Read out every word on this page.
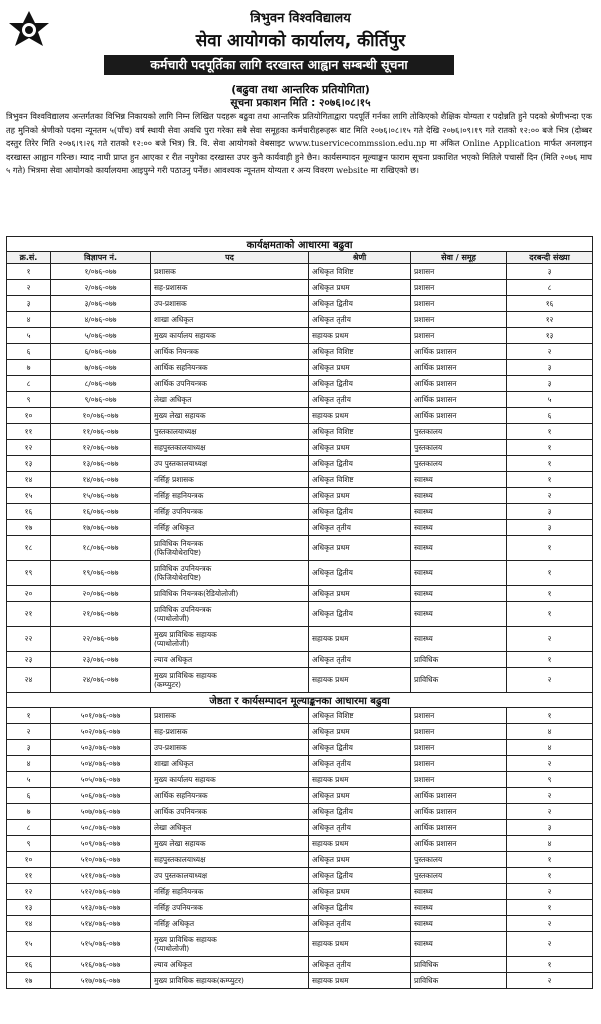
त्रिभुवन विश्वविद्यालय
सेवा आयोगको कार्यालय, कीर्तिपुर
कर्मचारी पदपूर्तिका लागि दरखास्त आह्वान सम्बन्धी सूचना
(बढुवा तथा आन्तरिक प्रतियोगिता)
सूचना प्रकाशन मिति : २०७६।०८।१५
त्रिभुवन विश्वविद्यालय अन्तर्गतका विभिन्न निकायको लागि निम्न लिखित पदहरू बढुवा तथा आन्तरिक प्रतियोगिताद्वारा पदपूर्ति गर्नका लागि तोकिएको शैक्षिक योग्यता र पदोन्नति हुने पदको श्रेणीभन्दा एक तह मुनिको श्रेणीको पदमा न्यूनतम ५(पाँच) वर्ष स्थायी सेवा अवधि पुरा गरेका सबै सेवा समूहका कर्मचारीहरूहरू बाट मिति २०७६।०८।१५ गते देखि २०७६।०९।१९ गते रातको १२:०० बजे भित्र (दोब्बर दस्तुर तिरेर मिति २०७६।९।२६ गते रातको १२:०० बजे भित्र) त्रि. वि. सेवा आयोगको वेबसाइट www.tuservicecommssion.edu.np मा अंकित Online Application मार्फत अनलाइन दरखास्त आह्वान गरिन्छ। म्याद नाघी प्राप्त हुन आएका र रीत नपुगेका दरखास्त उपर कुनै कार्यवाही हुने छैन। कार्यसम्पादन मूल्याङ्कन फाराम सूचना प्रकाशित भएको मितिले पचासौं दिन (मिति २०७६ माघ ५ गते) भित्रमा सेवा आयोगको कार्यालयमा आइपुग्ने गरी पठाउनु पर्नेछ। आवश्यक न्यूनतम योग्यता र अन्य विवरण website मा राखिएको छ।
कार्यक्षमताको आधारमा बढुवा					
क्र.सं.	विज्ञापन नं.	पद	श्रेणी	सेवा / समूह	दरबन्दी संख्या
१	१/०७६-०७७	प्रशासक	अधिकृत विशिष्ट	प्रशासन	३
२	२/०७६-०७७	सह-प्रशासक	अधिकृत प्रथम	प्रशासन	८
३	३/०७६-०७७	उप-प्रशासक	अधिकृत द्वितीय	प्रशासन	१६
४	४/०७६-०७७	शाखा अधिकृत	अधिकृत तृतीय	प्रशासन	१२
५	५/०७६-०७७	मुख्य कार्यालय सहायक	सहायक प्रथम	प्रशासन	१३
६	६/०७६-०७७	आर्थिक नियन्त्रक	अधिकृत विशिष्ट	आर्थिक प्रशासन	२
७	७/०७६-०७७	आर्थिक सहनियन्त्रक	अधिकृत प्रथम	आर्थिक प्रशासन	३
८	८/०७६-०७७	आर्थिक उपनियन्त्रक	अधिकृत द्वितीय	आर्थिक प्रशासन	३
९	९/०७६-०७७	लेखा अधिकृत	अधिकृत तृतीय	आर्थिक प्रशासन	५
१०	१०/०७६-०७७	मुख्य लेखा सहायक	सहायक प्रथम	आर्थिक प्रशासन	६
११	११/०७६-०७७	पुस्तकालयाध्यक्ष	अधिकृत विशिष्ट	पुस्तकालय	१
१२	१२/०७६-०७७	सहपुस्तकालयाध्यक्ष	अधिकृत प्रथम	पुस्तकालय	१
१३	१३/०७६-०७७	उप पुस्तकालयाध्यक्ष	अधिकृत द्वितीय	पुस्तकालय	१
१४	१४/०७६-०७७	नर्सिङ्ग प्रशासक	अधिकृत विशिष्ट	स्वास्थ्य	१
१५	१५/०७६-०७७	नर्सिङ्ग सहनियन्त्रक	अधिकृत प्रथम	स्वास्थ्य	२
१६	१६/०७६-०७७	नर्सिङ्ग उपनियन्त्रक	अधिकृत द्वितीय	स्वास्थ्य	३
१७	१७/०७६-०७७	नर्सिङ्ग अधिकृत	अधिकृत तृतीय	स्वास्थ्य	३
१८	१८/०७६-०७७	प्राविधिक नियन्त्रक
(फिजियोथेरापिष्ट)	अधिकृत प्रथम	स्वास्थ्य	१
१९	१९/०७६-०७७	प्राविधिक उपनियन्त्रक
(फिजियोथेरापिष्ट)	अधिकृत द्वितीय	स्वास्थ्य	१
२०	२०/०७६-०७७	प्राविधिक नियन्त्रक(रेडियोलोजी)	अधिकृत प्रथम	स्वास्थ्य	१
२१	२१/०७६-०७७	प्राविधिक उपनियन्त्रक
(प्याथोलोजी)	अधिकृत द्वितीय	स्वास्थ्य	१
२२	२२/०७६-०७७	मुख्य प्राविधिक सहायक
(प्याथोलोजी)	सहायक प्रथम	स्वास्थ्य	२
२३	२३/०७६-०७७	ल्याव अधिकृत	अधिकृत तृतीय	प्राविधिक	१
२४	२४/०७६-०७७	मुख्य प्राविधिक सहायक
(कम्प्युटर)	सहायक प्रथम	प्राविधिक	२
जेष्ठता र कार्यसम्पादन मूल्याङ्कनका आधारमा बढुवा					
१	५०१/०७६-०७७	प्रशासक	अधिकृत विशिष्ट	प्रशासन	१
२	५०२/०७६-०७७	सह-प्रशासक	अधिकृत प्रथम	प्रशासन	४
३	५०३/०७६-०७७	उप-प्रशासक	अधिकृत द्वितीय	प्रशासन	४
४	५०४/०७६-०७७	शाखा अधिकृत	अधिकृत तृतीय	प्रशासन	२
५	५०५/०७६-०७७	मुख्य कार्यालय सहायक	सहायक प्रथम	प्रशासन	९
६	५०६/०७६-०७७	आर्थिक सहनियन्त्रक	अधिकृत प्रथम	आर्थिक प्रशासन	२
७	५०७/०७६-०७७	आर्थिक उपनियन्त्रक	अधिकृत द्वितीय	आर्थिक प्रशासन	२
८	५०८/०७६-०७७	लेखा अधिकृत	अधिकृत तृतीय	आर्थिक प्रशासन	३
९	५०९/०७६-०७७	मुख्य लेखा सहायक	सहायक प्रथम	आर्थिक प्रशासन	४
१०	५१०/०७६-०७७	सहपुस्तकालयाध्यक्ष	अधिकृत प्रथम	पुस्तकालय	१
११	५११/०७६-०७७	उप पुस्तकालयाध्यक्ष	अधिकृत द्वितीय	पुस्तकालय	१
१२	५१२/०७६-०७७	नर्सिङ्ग सहनियन्त्रक	अधिकृत प्रथम	स्वास्थ्य	२
१३	५१३/०७६-०७७	नर्सिङ्ग उपनियन्त्रक	अधिकृत द्वितीय	स्वास्थ्य	१
१४	५१४/०७६-०७७	नर्सिङ्ग अधिकृत	अधिकृत तृतीय	स्वास्थ्य	२
१५	५१५/०७६-०७७	मुख्य प्राविधिक सहायक
(प्याथोलोजी)	सहायक प्रथम	स्वास्थ्य	२
१६	५१६/०७६-०७७	ल्याव अधिकृत	अधिकृत तृतीय	प्राविधिक	१
१७	५१७/०७६-०७७	मुख्य प्राविधिक सहायक(कम्प्युटर)	सहायक प्रथम	प्राविधिक	२
